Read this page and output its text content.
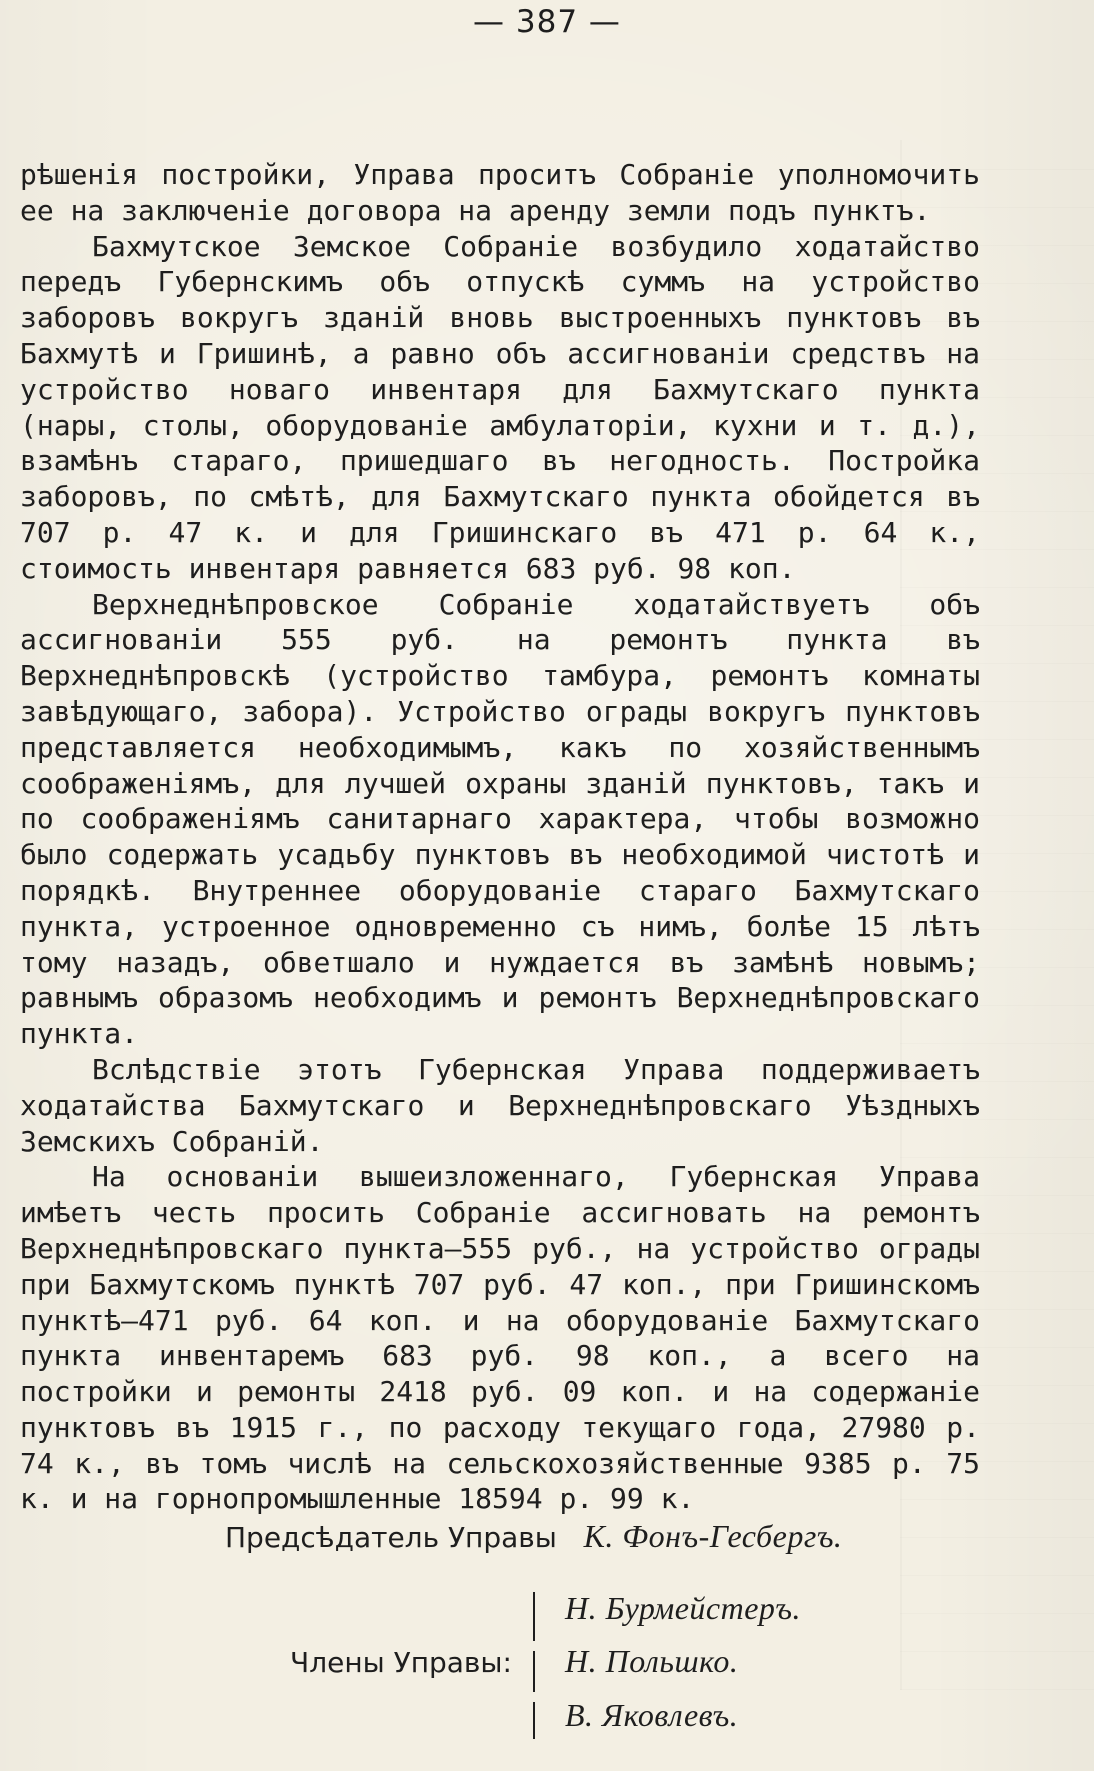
— 387 —

рѣшенія постройки, Управа проситъ Собраніе уполномочить ее на заключеніе договора на аренду земли подъ пунктъ.

Бахмутское Земское Собраніе возбудило ходатайство передъ Губернскимъ объ отпускѣ суммъ на устройство заборовъ вокругъ зданій вновь выстроенныхъ пунктовъ въ Бахмутѣ и Гришинѣ, а равно объ ассигнованіи средствъ на устройство новаго инвентаря для Бахмутскаго пункта (нары, столы, оборудованіе амбулаторіи, кухни и т. д.), взамѣнъ стараго, пришедшаго въ негодность. Постройка заборовъ, по смѣтѣ, для Бахмутскаго пункта обойдется въ 707 р. 47 к. и для Гришинскаго въ 471 р. 64 к., стоимость инвентаря равняется 683 руб. 98 коп.

Верхнеднѣпровское Собраніе ходатайствуетъ объ ассигнованіи 555 руб. на ремонтъ пункта въ Верхнеднѣпровскѣ (устройство тамбура, ремонтъ комнаты завѣдующаго, забора). Устройство ограды вокругъ пунктовъ представляется необходимымъ, какъ по хозяйственнымъ соображеніямъ, для лучшей охраны зданій пунктовъ, такъ и по соображеніямъ санитарнаго характера, чтобы возможно было содержать усадьбу пунктовъ въ необходимой чистотѣ и порядкѣ. Внутреннее оборудованіе стараго Бахмутскаго пункта, устроенное одновременно съ нимъ, болѣе 15 лѣтъ тому назадъ, обветшало и нуждается въ замѣнѣ новымъ; равнымъ образомъ необходимъ и ремонтъ Верхнеднѣпровскаго пункта.

Вслѣдствіе этотъ Губернская Управа поддерживаетъ ходатайства Бахмутскаго и Верхнеднѣпровскаго Уѣздныхъ Земскихъ Собраній.

На основаніи вышеизложеннаго, Губернская Управа имѣетъ честь просить Собраніе ассигновать на ремонтъ Верхнеднѣпровскаго пункта—555 руб., на устройство ограды при Бахмутскомъ пунктѣ 707 руб. 47 коп., при Гришинскомъ пунктѣ—471 руб. 64 коп. и на оборудованіе Бахмутскаго пункта инвентаремъ 683 руб. 98 коп., а всего на постройки и ремонты 2418 руб. 09 коп. и на содержаніе пунктовъ въ 1915 г., по расходу текущаго года, 27980 р. 74 к., въ томъ числѣ на сельскохозяйственные 9385 р. 75 к. и на горнопромышленные 18594 р. 99 к.

Предсѣдатель Управы К. Фонъ-Гесбергъ.
Члены Управы:
Н. Бурмейстеръ.
Н. Польшко.
В. Яковлевъ.
